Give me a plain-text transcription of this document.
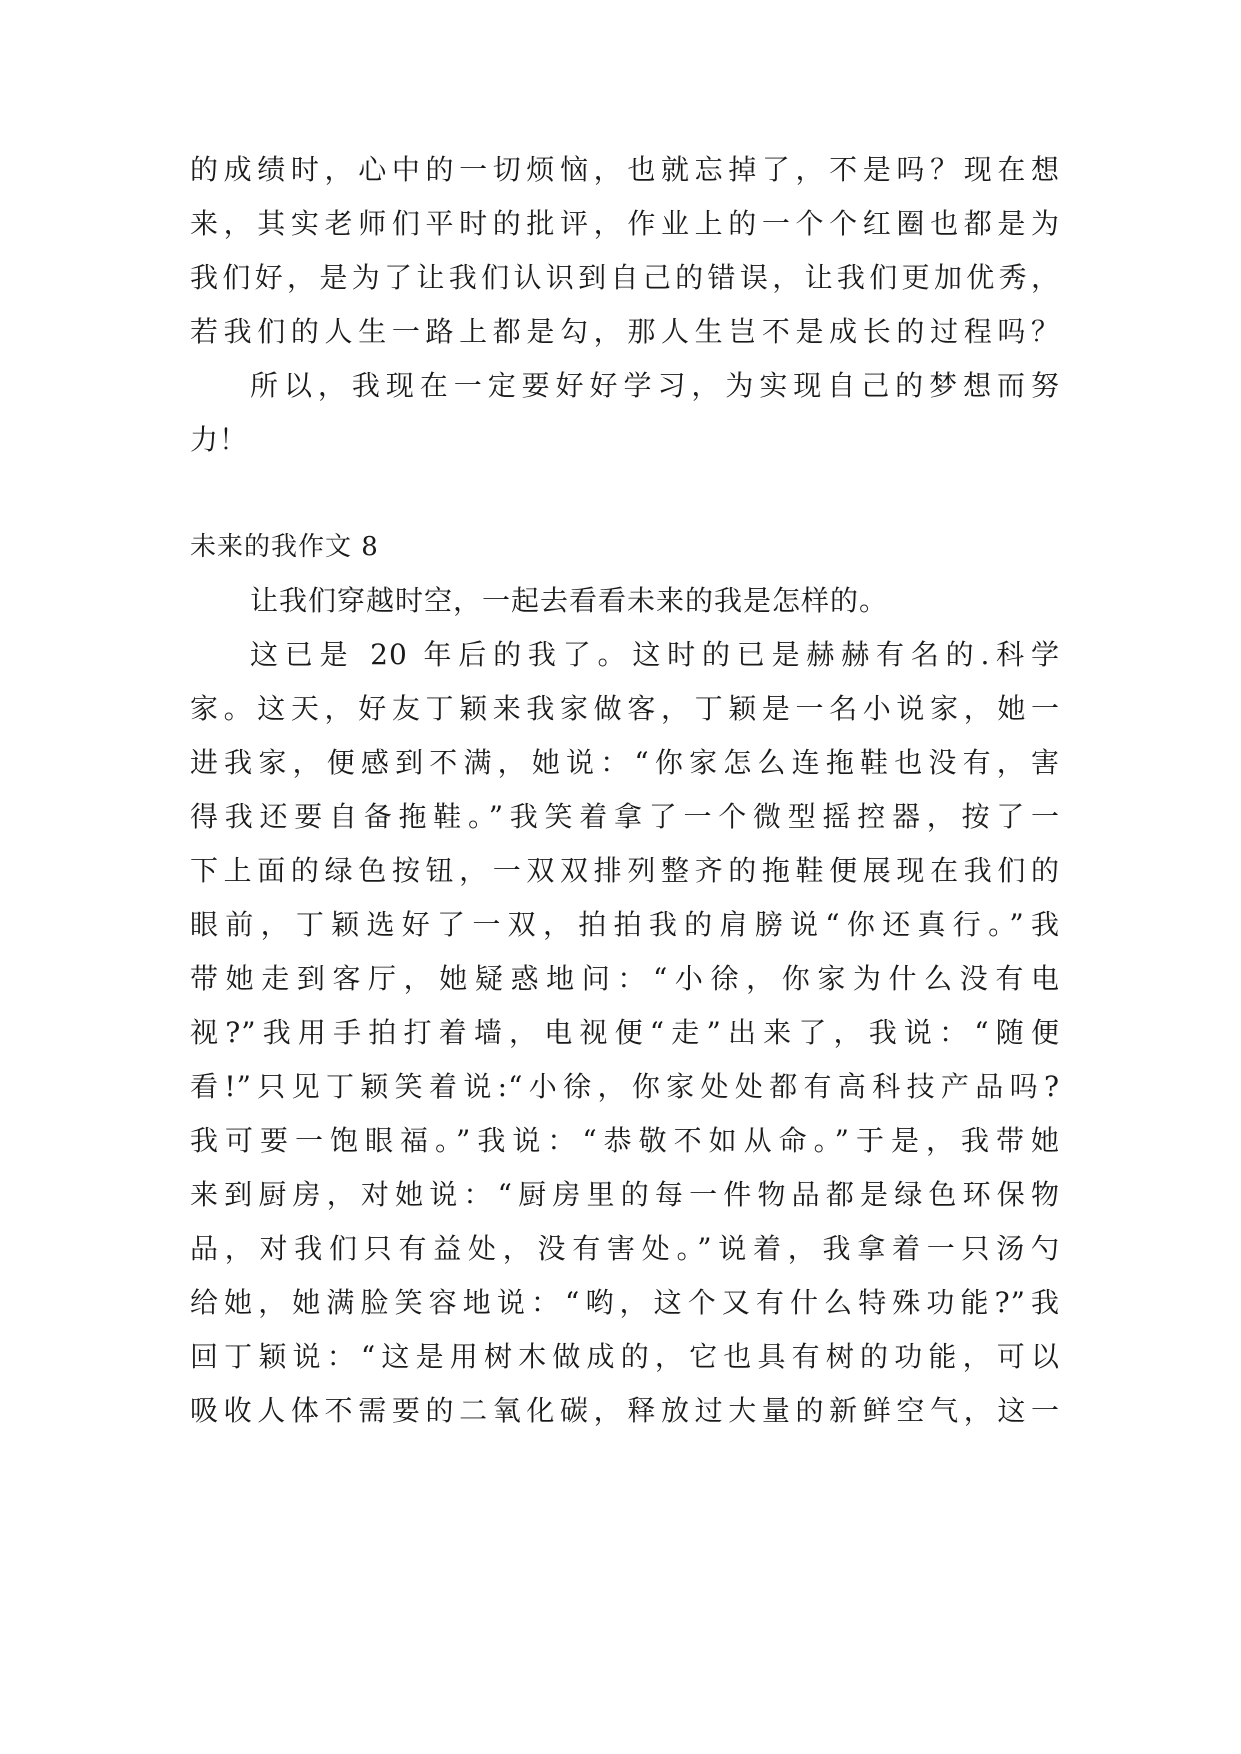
的成绩时，心中的一切烦恼，也就忘掉了，不是吗？现在想
来，其实老师们平时的批评，作业上的一个个红圈也都是为
我们好，是为了让我们认识到自己的错误，让我们更加优秀，
若我们的人生一路上都是勾，那人生岂不是成长的过程吗？
所以，我现在一定要好好学习，为实现自己的梦想而努
力！
未来的我作文 8
让我们穿越时空，一起去看看未来的我是怎样的。
这已是 20 年后的我了。这时的已是赫赫有名的.科学
家。这天，好友丁颖来我家做客，丁颖是一名小说家，她一
进我家，便感到不满，她说：“你家怎么连拖鞋也没有，害
得我还要自备拖鞋。”我笑着拿了一个微型摇控器，按了一
下上面的绿色按钮，一双双排列整齐的拖鞋便展现在我们的
眼前，丁颖选好了一双，拍拍我的肩膀说“你还真行。”我
带她走到客厅，她疑惑地问：“小徐，你家为什么没有电
视?”我用手拍打着墙，电视便“走”出来了，我说：“随便
看!”只见丁颖笑着说:“小徐，你家处处都有高科技产品吗?
我可要一饱眼福。”我说：“恭敬不如从命。”于是，我带她
来到厨房，对她说：“厨房里的每一件物品都是绿色环保物
品，对我们只有益处，没有害处。”说着，我拿着一只汤勺
给她，她满脸笑容地说：“哟，这个又有什么特殊功能?”我
回丁颖说：“这是用树木做成的，它也具有树的功能，可以
吸收人体不需要的二氧化碳，释放过大量的新鲜空气，这一
